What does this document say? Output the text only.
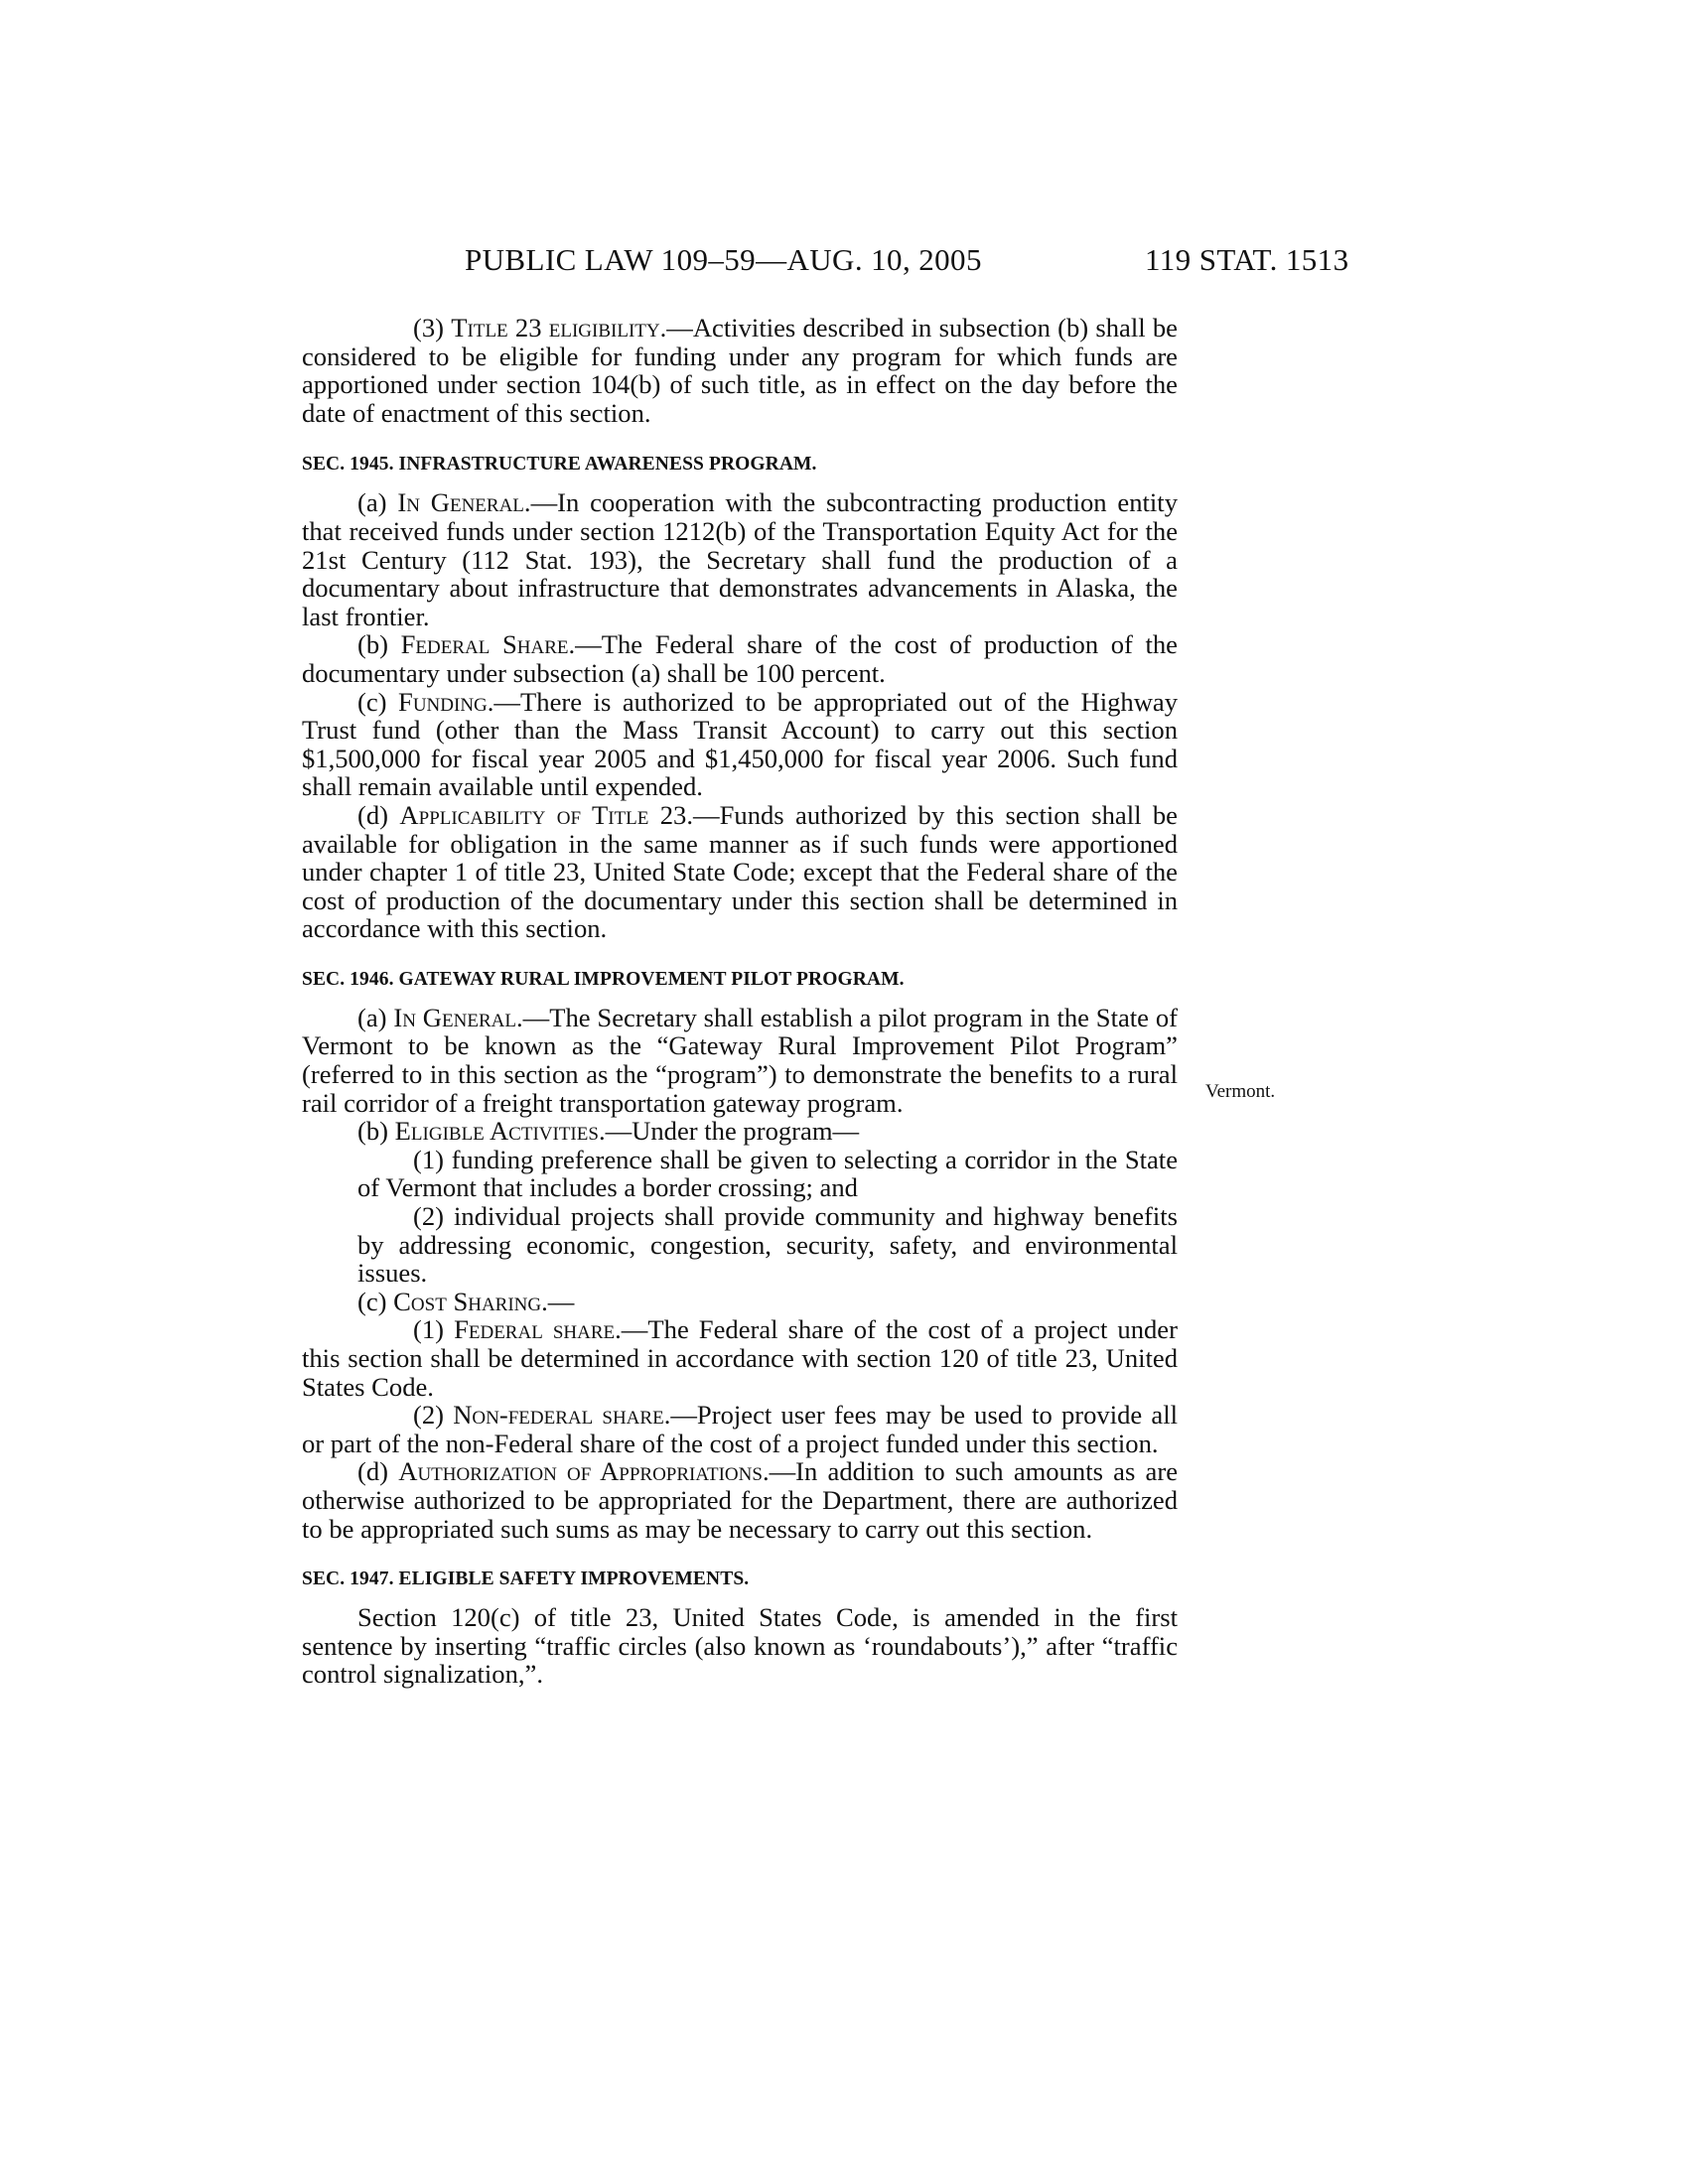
PUBLIC LAW 109–59—AUG. 10, 2005	119 STAT. 1513
Vermont.

(3) Title 23 eligibility.—Activities described in subsection (b) shall be considered to be eligible for funding under any program for which funds are apportioned under section 104(b) of such title, as in effect on the day before the date of enactment of this section.

SEC. 1945. INFRASTRUCTURE AWARENESS PROGRAM.

(a) In General.—In cooperation with the subcontracting production entity that received funds under section 1212(b) of the Transportation Equity Act for the 21st Century (112 Stat. 193), the Secretary shall fund the production of a documentary about infrastructure that demonstrates advancements in Alaska, the last frontier.

(b) Federal Share.—The Federal share of the cost of production of the documentary under subsection (a) shall be 100 percent.

(c) Funding.—There is authorized to be appropriated out of the Highway Trust fund (other than the Mass Transit Account) to carry out this section $1,500,000 for fiscal year 2005 and $1,450,000 for fiscal year 2006. Such fund shall remain available until expended.

(d) Applicability of Title 23.—Funds authorized by this section shall be available for obligation in the same manner as if such funds were apportioned under chapter 1 of title 23, United State Code; except that the Federal share of the cost of production of the documentary under this section shall be determined in accordance with this section.

SEC. 1946. GATEWAY RURAL IMPROVEMENT PILOT PROGRAM.

(a) In General.—The Secretary shall establish a pilot program in the State of Vermont to be known as the “Gateway Rural Improvement Pilot Program” (referred to in this section as the “program”) to demonstrate the benefits to a rural rail corridor of a freight transportation gateway program.

(b) Eligible Activities.—Under the program—

(1) funding preference shall be given to selecting a corridor in the State of Vermont that includes a border crossing; and

(2) individual projects shall provide community and highway benefits by addressing economic, congestion, security, safety, and environmental issues.

(c) Cost Sharing.—

(1) Federal share.—The Federal share of the cost of a project under this section shall be determined in accordance with section 120 of title 23, United States Code.

(2) Non-federal share.—Project user fees may be used to provide all or part of the non-Federal share of the cost of a project funded under this section.

(d) Authorization of Appropriations.—In addition to such amounts as are otherwise authorized to be appropriated for the Department, there are authorized to be appropriated such sums as may be necessary to carry out this section.

SEC. 1947. ELIGIBLE SAFETY IMPROVEMENTS.

Section 120(c) of title 23, United States Code, is amended in the first sentence by inserting “traffic circles (also known as ‘roundabouts’),” after “traffic control signalization,”.
